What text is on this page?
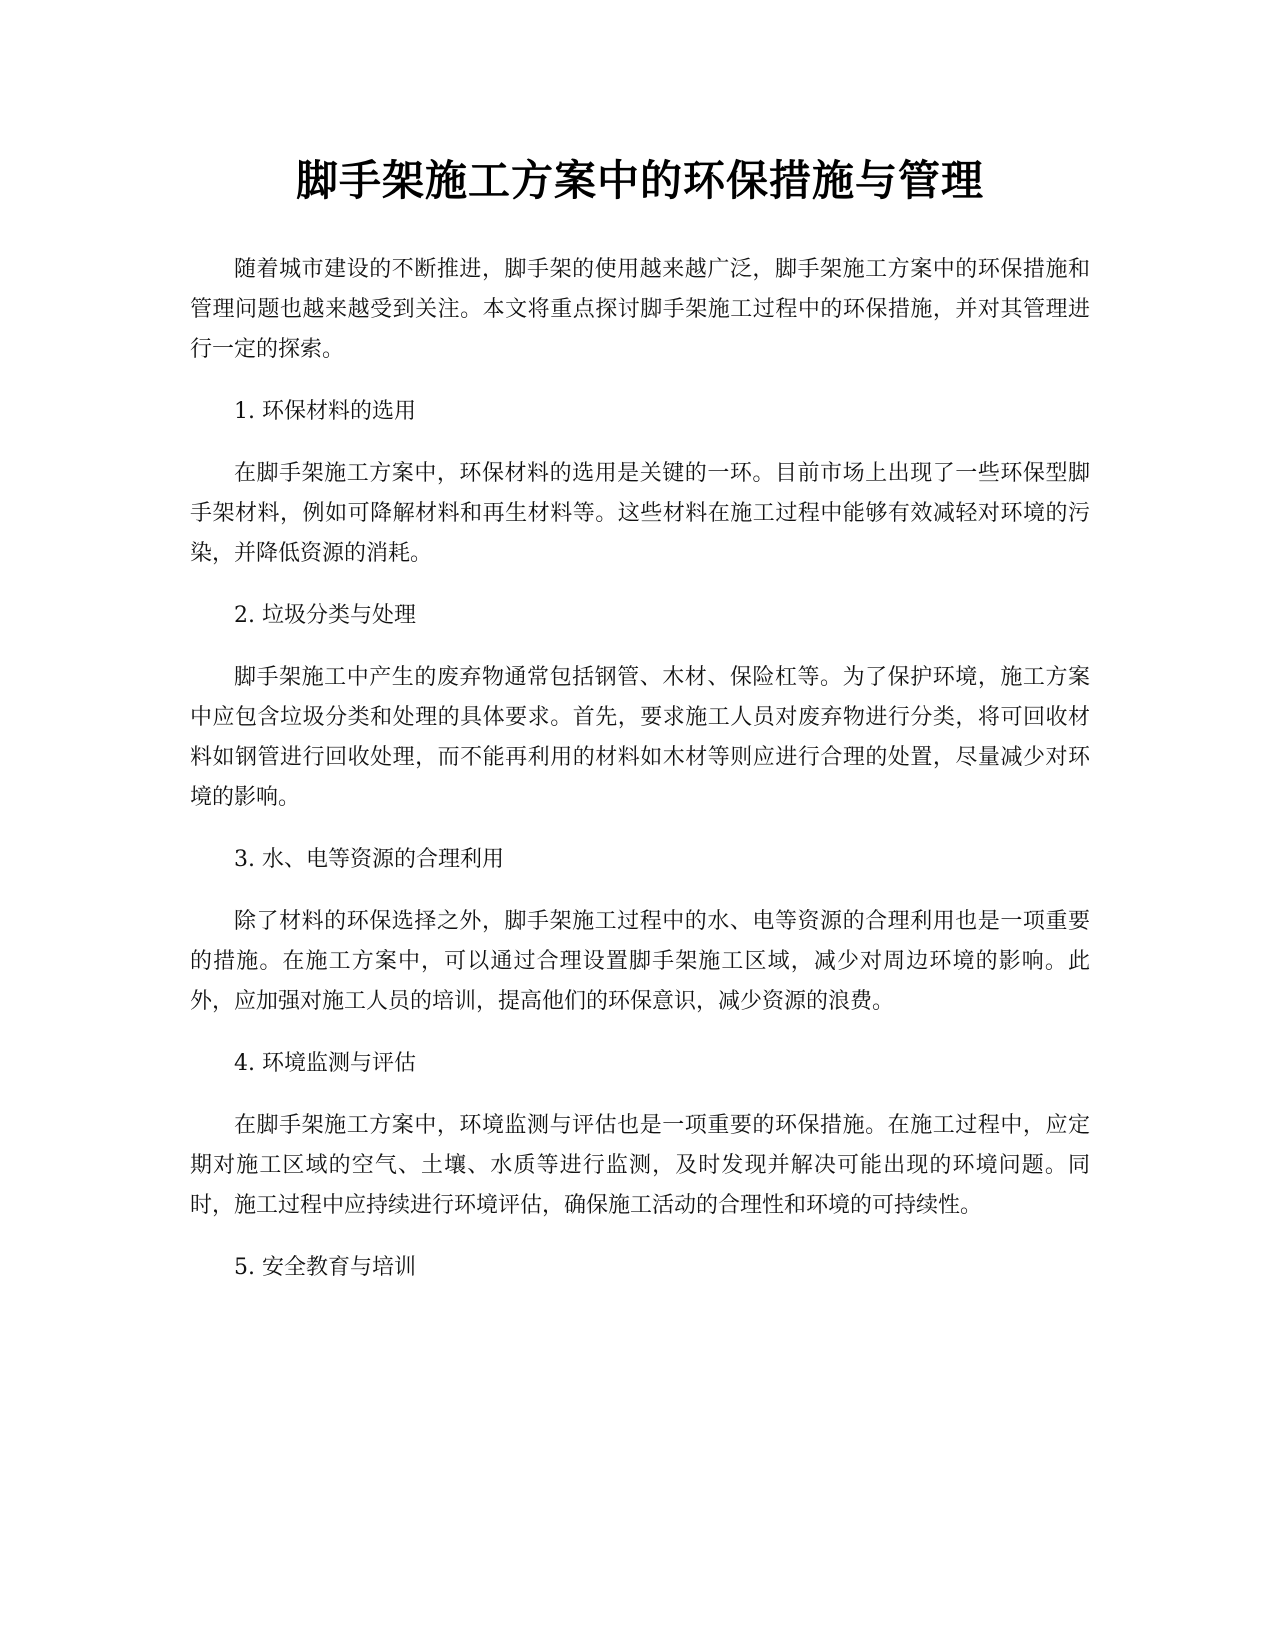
脚手架施工方案中的环保措施与管理

随着城市建设的不断推进，脚手架的使用越来越广泛，脚手架施工方案中的环保措施和管理问题也越来越受到关注。本文将重点探讨脚手架施工过程中的环保措施，并对其管理进行一定的探索。

1. 环保材料的选用

在脚手架施工方案中，环保材料的选用是关键的一环。目前市场上出现了一些环保型脚手架材料，例如可降解材料和再生材料等。这些材料在施工过程中能够有效减轻对环境的污染，并降低资源的消耗。

2. 垃圾分类与处理

脚手架施工中产生的废弃物通常包括钢管、木材、保险杠等。为了保护环境，施工方案中应包含垃圾分类和处理的具体要求。首先，要求施工人员对废弃物进行分类，将可回收材料如钢管进行回收处理，而不能再利用的材料如木材等则应进行合理的处置，尽量减少对环境的影响。

3. 水、电等资源的合理利用

除了材料的环保选择之外，脚手架施工过程中的水、电等资源的合理利用也是一项重要的措施。在施工方案中，可以通过合理设置脚手架施工区域，减少对周边环境的影响。此外，应加强对施工人员的培训，提高他们的环保意识，减少资源的浪费。

4. 环境监测与评估

在脚手架施工方案中，环境监测与评估也是一项重要的环保措施。在施工过程中，应定期对施工区域的空气、土壤、水质等进行监测，及时发现并解决可能出现的环境问题。同时，施工过程中应持续进行环境评估，确保施工活动的合理性和环境的可持续性。

5. 安全教育与培训
